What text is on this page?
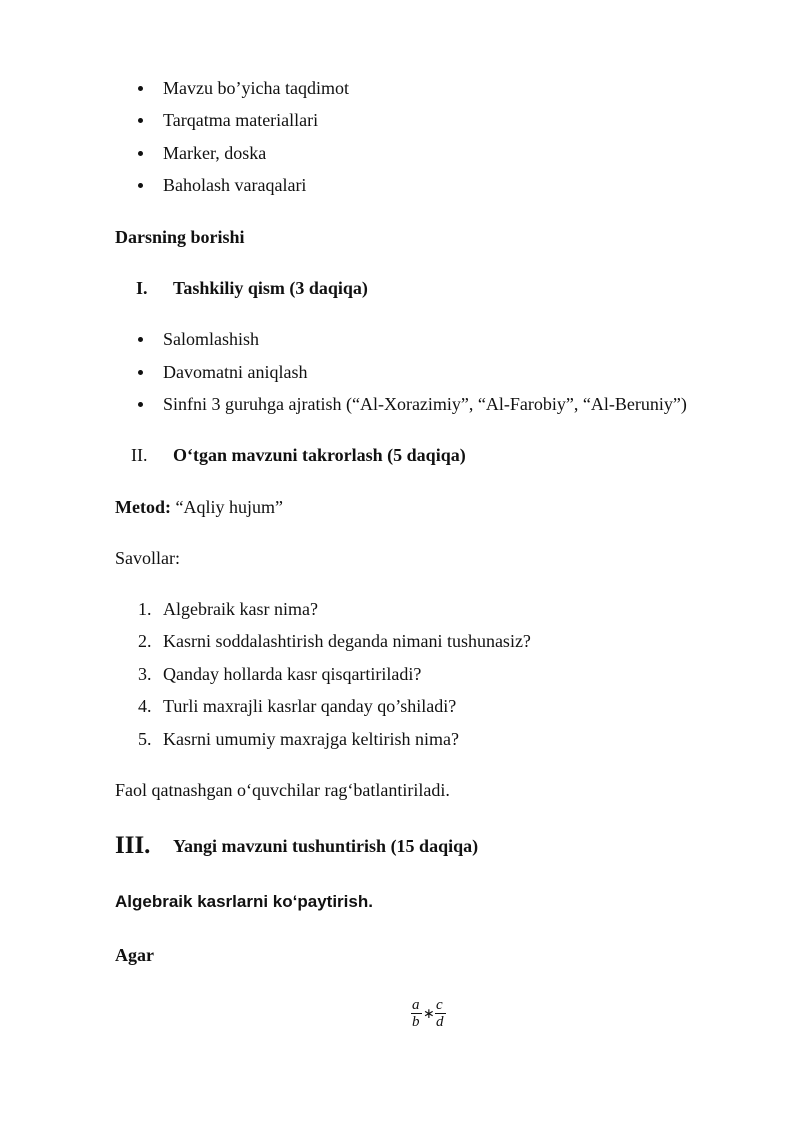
Mavzu bo’yicha taqdimot
Tarqatma materiallari
Marker, doska
Baholash varaqalari
Darsning borishi
I. Tashkiliy qism (3 daqiqa)
Salomlashish
Davomatni aniqlash
Sinfni 3 guruhga ajratish (“Al-Xorazimiy”, “Al-Farobiy”, “Al-Beruniy”)
II. O‘tgan mavzuni takrorlash (5 daqiqa)
Metod: “Aqliy hujum”
Savollar:
1. Algebraik kasr nima?
2. Kasrni soddalashtirish deganda nimani tushunasiz?
3. Qanday hollarda kasr qisqartiriladi?
4. Turli maxrajli kasrlar qanday qo’shiladi?
5. Kasrni umumiy maxrajga keltirish nima?
Faol qatnashgan o‘quvchilar rag‘batlantiriladi.
III. Yangi mavzuni tushuntirish (15 daqiqa)
Algebraik kasrlarni ko‘paytirish.
Agar
a
b ∗
c
d
